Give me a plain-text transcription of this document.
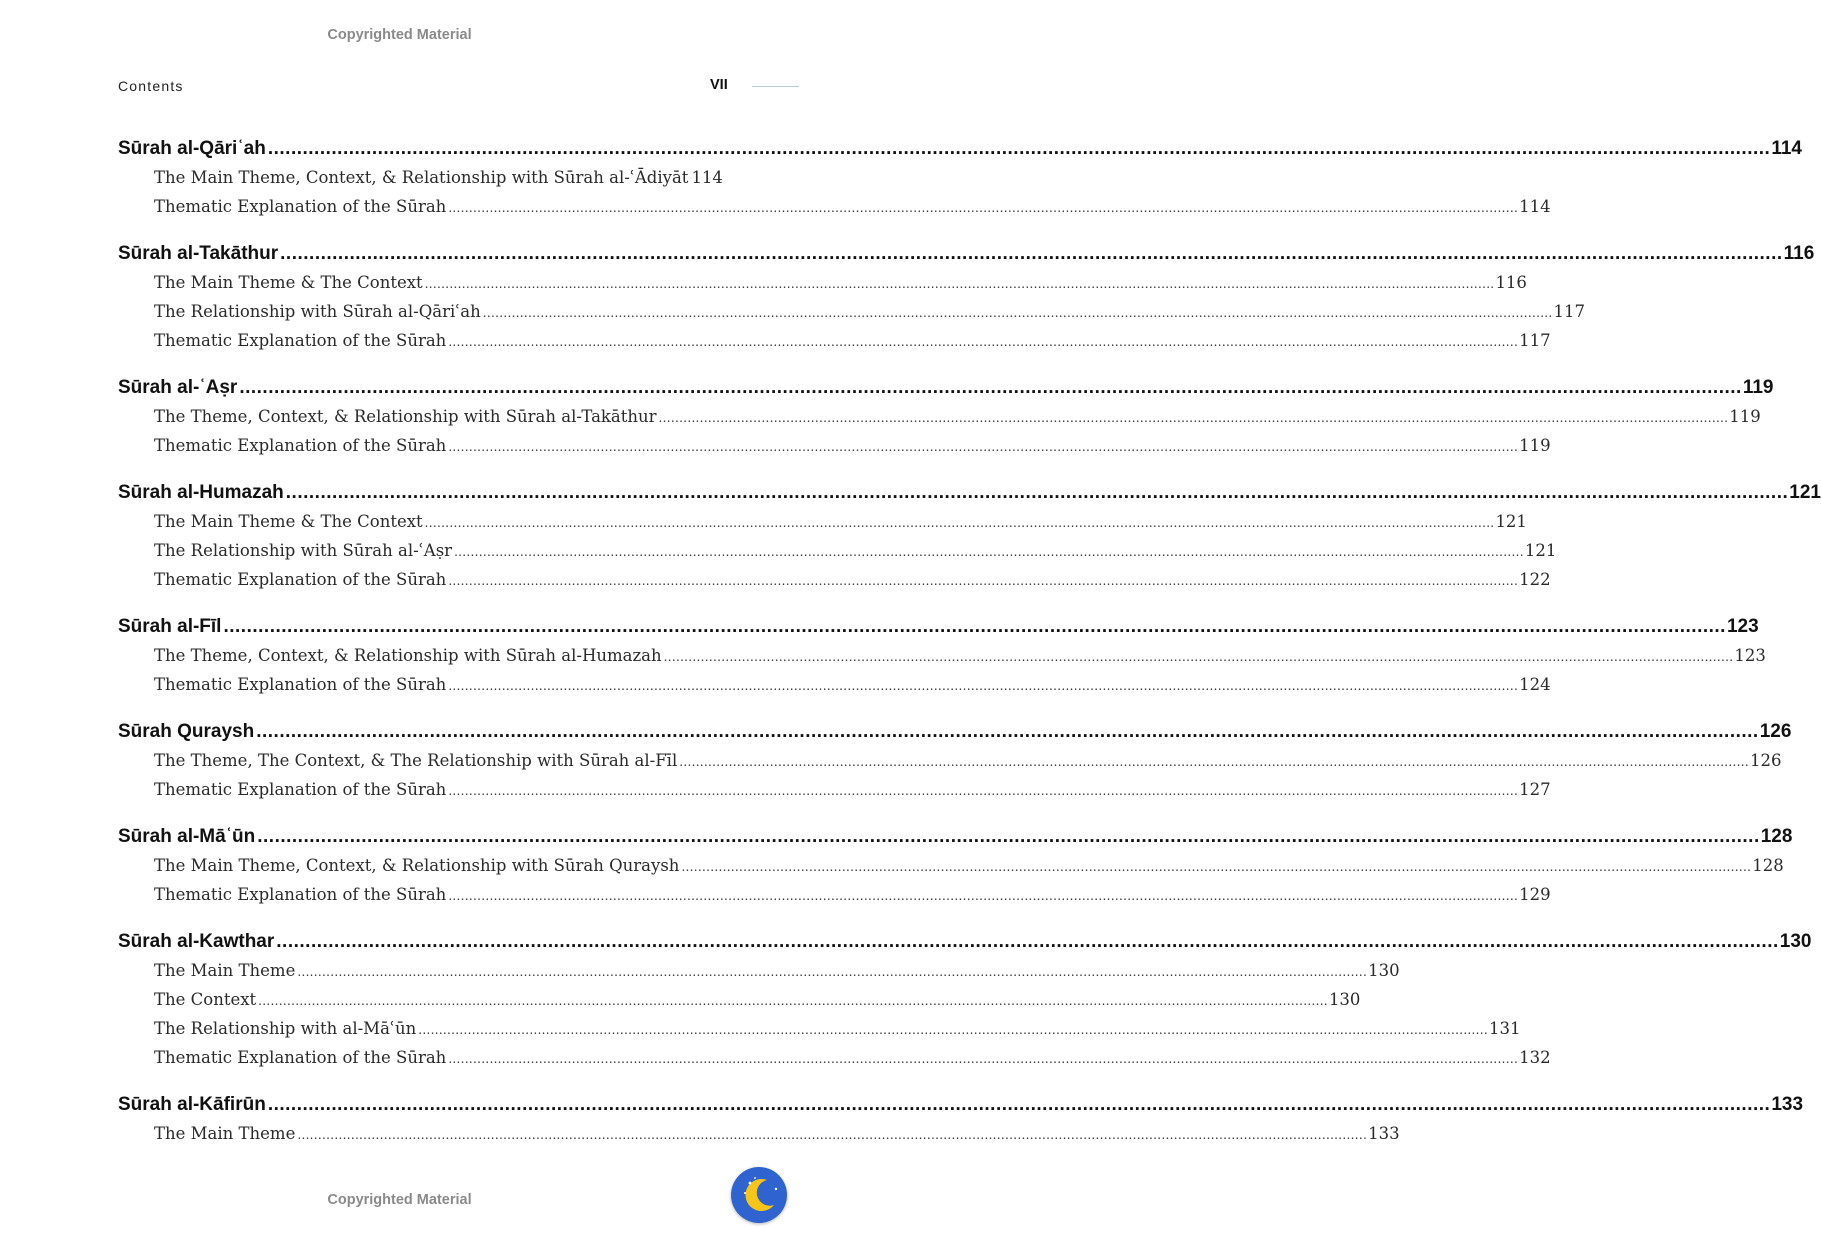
Copyrighted Material
Contents	VII
Sūrah al-Qāriʿah .................................................................................................................................................................................................................................................................... 114
The Main Theme, Context, & Relationship with Sūrah al-ʿĀdiyāt 114
Thematic Explanation of the Sūrah .................................................................................................................................................................................................................................................................... 114
Sūrah al-Takāthur .................................................................................................................................................................................................................................................................... 116
The Main Theme & The Context .................................................................................................................................................................................................................................................................... 116
The Relationship with Sūrah al-Qāriʿah .................................................................................................................................................................................................................................................................... 117
Thematic Explanation of the Sūrah .................................................................................................................................................................................................................................................................... 117
Sūrah al-ʿAṣr .................................................................................................................................................................................................................................................................... 119
The Theme, Context, & Relationship with Sūrah al-Takāthur .................................................................................................................................................................................................................................................................... 119
Thematic Explanation of the Sūrah .................................................................................................................................................................................................................................................................... 119
Sūrah al-Humazah .................................................................................................................................................................................................................................................................... 121
The Main Theme & The Context .................................................................................................................................................................................................................................................................... 121
The Relationship with Sūrah al-ʿAṣr .................................................................................................................................................................................................................................................................... 121
Thematic Explanation of the Sūrah .................................................................................................................................................................................................................................................................... 122
Sūrah al-Fīl .................................................................................................................................................................................................................................................................... 123
The Theme, Context, & Relationship with Sūrah al-Humazah .................................................................................................................................................................................................................................................................... 123
Thematic Explanation of the Sūrah .................................................................................................................................................................................................................................................................... 124
Sūrah Quraysh .................................................................................................................................................................................................................................................................... 126
The Theme, The Context, & The Relationship with Sūrah al-Fīl .................................................................................................................................................................................................................................................................... 126
Thematic Explanation of the Sūrah .................................................................................................................................................................................................................................................................... 127
Sūrah al-Māʿūn .................................................................................................................................................................................................................................................................... 128
The Main Theme, Context, & Relationship with Sūrah Quraysh .................................................................................................................................................................................................................................................................... 128
Thematic Explanation of the Sūrah .................................................................................................................................................................................................................................................................... 129
Sūrah al-Kawthar .................................................................................................................................................................................................................................................................... 130
The Main Theme .................................................................................................................................................................................................................................................................... 130
The Context .................................................................................................................................................................................................................................................................... 130
The Relationship with al-Māʿūn .................................................................................................................................................................................................................................................................... 131
Thematic Explanation of the Sūrah .................................................................................................................................................................................................................................................................... 132
Sūrah al-Kāfirūn .................................................................................................................................................................................................................................................................... 133
The Main Theme .................................................................................................................................................................................................................................................................... 133
Copyrighted Material
